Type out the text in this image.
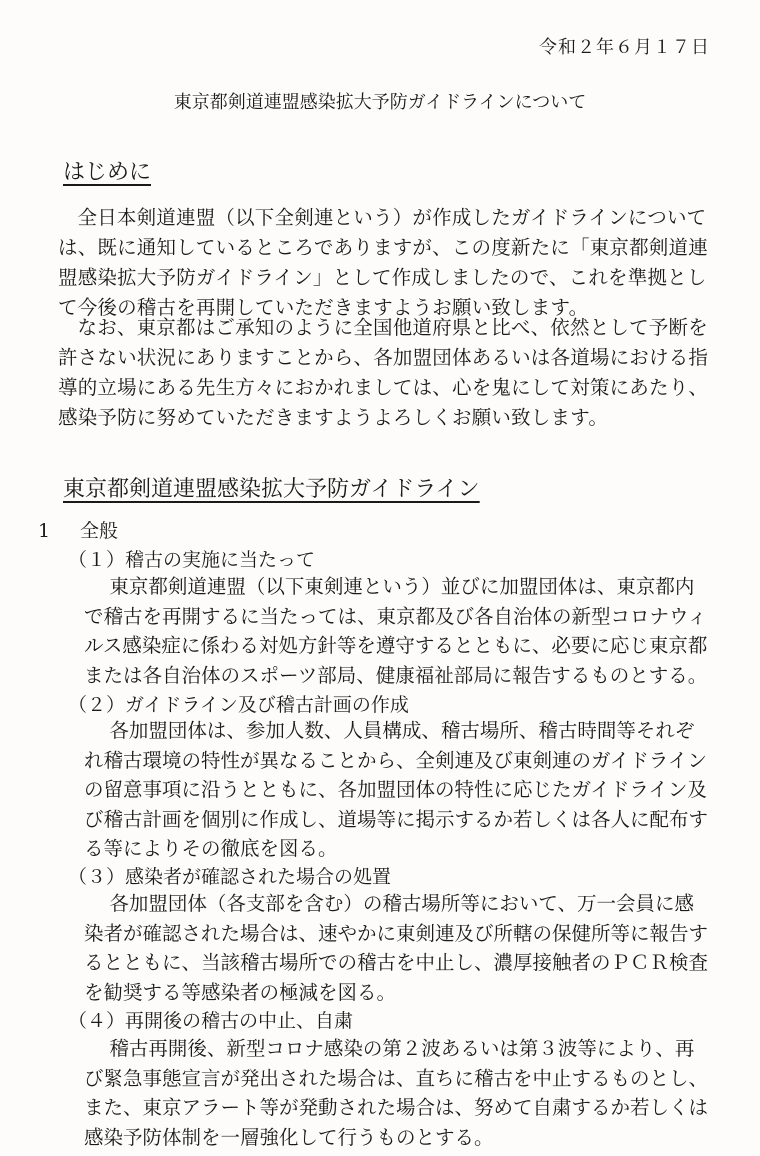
令和２年６月１７日
東京都剣道連盟感染拡大予防ガイドラインについて
はじめに

全日本剣道連盟（以下全剣連という）が作成したガイドラインについては、既に通知しているところでありますが、この度新たに「東京都剣道連盟感染拡大予防ガイドライン」として作成しましたので、これを準拠として今後の稽古を再開していただきますようお願い致します。

なお、東京都はご承知のように全国他道府県と比べ、依然として予断を許さない状況にありますことから、各加盟団体あるいは各道場における指導的立場にある先生方々におかれましては、心を鬼にして対策にあたり、感染予防に努めていただきますようよろしくお願い致します。

東京都剣道連盟感染拡大予防ガイドライン
1 全般
（１）稽古の実施に当たって

東京都剣道連盟（以下東剣連という）並びに加盟団体は、東京都内で稽古を再開するに当たっては、東京都及び各自治体の新型コロナウィルス感染症に係わる対処方針等を遵守するとともに、必要に応じ東京都または各自治体のスポーツ部局、健康福祉部局に報告するものとする。

（２）ガイドライン及び稽古計画の作成

各加盟団体は、参加人数、人員構成、稽古場所、稽古時間等それぞれ稽古環境の特性が異なることから、全剣連及び東剣連のガイドラインの留意事項に沿うとともに、各加盟団体の特性に応じたガイドライン及び稽古計画を個別に作成し、道場等に掲示するか若しくは各人に配布する等によりその徹底を図る。

（３）感染者が確認された場合の処置

各加盟団体（各支部を含む）の稽古場所等において、万一会員に感染者が確認された場合は、速やかに東剣連及び所轄の保健所等に報告するとともに、当該稽古場所での稽古を中止し、濃厚接触者のＰＣＲ検査を勧奨する等感染者の極減を図る。

（４）再開後の稽古の中止、自粛

稽古再開後、新型コロナ感染の第２波あるいは第３波等により、再び緊急事態宣言が発出された場合は、直ちに稽古を中止するものとし、また、東京アラート等が発動された場合は、努めて自粛するか若しくは感染予防体制を一層強化して行うものとする。
